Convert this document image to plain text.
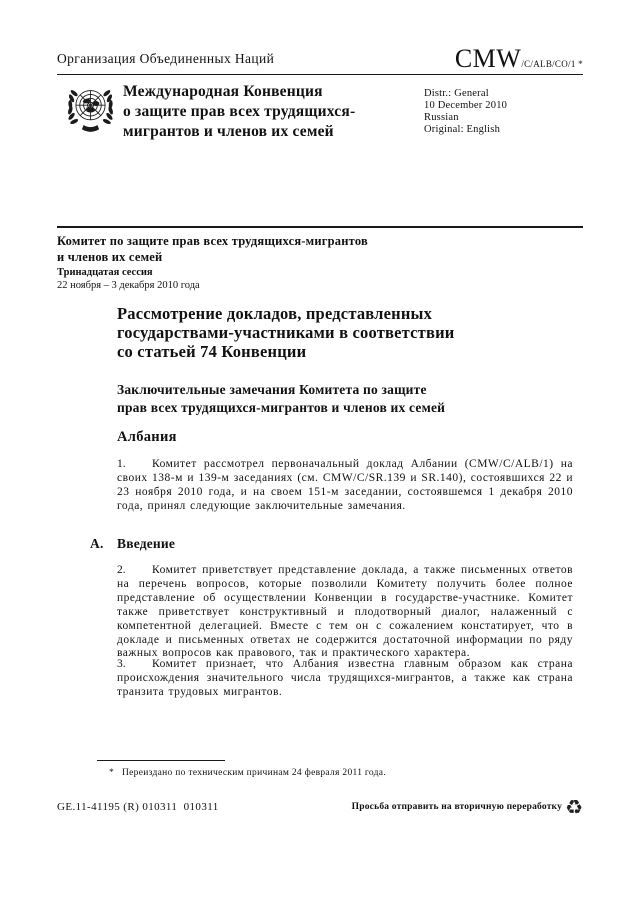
Организация Объединенных Наций	CMW/C/ALB/CO/1 *
Международная Конвенция
о защите прав всех трудящихся-
мигрантов и членов их семей
Distr.: General
10 December 2010
Russian
Original: English
Комитет по защите прав всех трудящихся-мигрантов
и членов их семей
Тринадцатая сессия
22 ноября – 3 декабря 2010 года
Рассмотрение докладов, представленных
государствами-участниками в соответствии
со статьей 74 Конвенции
Заключительные замечания Комитета по защите
прав всех трудящихся-мигрантов и членов их семей
Албания

1. Комитет рассмотрел первоначальный доклад Албании (CMW/C/ALB/1) на своих 138-м и 139-м заседаниях (см. CMW/C/SR.139 и SR.140), состоявшихся 22 и 23 ноября 2010 года, и на своем 151-м заседании, состоявшемся 1 декабря 2010 года, принял следующие заключительные замечания.

A. Введение

2. Комитет приветствует представление доклада, а также письменных ответов на перечень вопросов, которые позволили Комитету получить более полное представление об осуществлении Конвенции в государстве-участнике. Комитет также приветствует конструктивный и плодотворный диалог, налаженный с компетентной делегацией. Вместе с тем он с сожалением констатирует, что в докладе и письменных ответах не содержится достаточной информации по ряду важных вопросов как правового, так и практического характера.

3. Комитет признает, что Албания известна главным образом как страна происхождения значительного числа трудящихся-мигрантов, а также как страна транзита трудовых мигрантов.

* Переиздано по техническим причинам 24 февраля 2011 года.
GE.11-41195 (R) 010311  010311	Просьба отправить на вторичную переработку ♻
